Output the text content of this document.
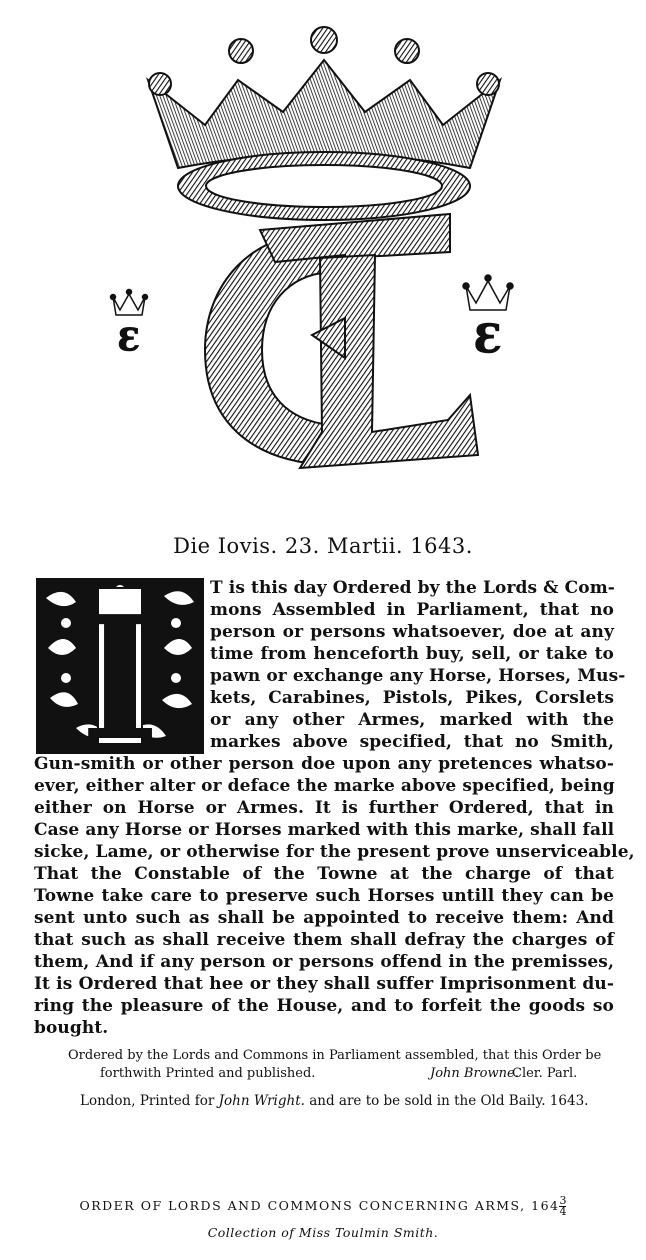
Ɛ	Ɛ
Die Iovis. 23. Martii. 1643.
I	T is this day Ordered by the Lords & Com-
mons Assembled in Parliament, that no
person or persons whatsoever, doe at any
time from henceforth buy, sell, or take to
pawn or exchange any Horse, Horses, Mus-
kets, Carabines, Pistols, Pikes, Corslets
or any other Armes, marked with the
markes above specified, that no Smith,
Gun-smith or other person doe upon any pretences whatso-
ever, either alter or deface the marke above specified, being
either on Horse or Armes. It is further Ordered, that in
Case any Horse or Horses marked with this marke, shall fall
sicke, Lame, or otherwise for the present prove unserviceable,
That the Constable of the Towne at the charge of that
Towne take care to preserve such Horses untill they can be
sent unto such as shall be appointed to receive them: And
that such as shall receive them shall defray the charges of
them, And if any person or persons offend in the premisses,
It is Ordered that hee or they shall suffer Imprisonment du-
ring the pleasure of the House, and to forfeit the goods so
bought.
Ordered by the Lords and Commons in Parliament assembled, that this Order be
forthwith Printed and published.	John Browne.
Cler. Parl.
London, Printed for John Wright. and are to be sold in the Old Baily. 1643.
ORDER OF LORDS AND COMMONS CONCERNING ARMS, $164 \frac{3}{4}$
Collection of Miss Toulmin Smith.
